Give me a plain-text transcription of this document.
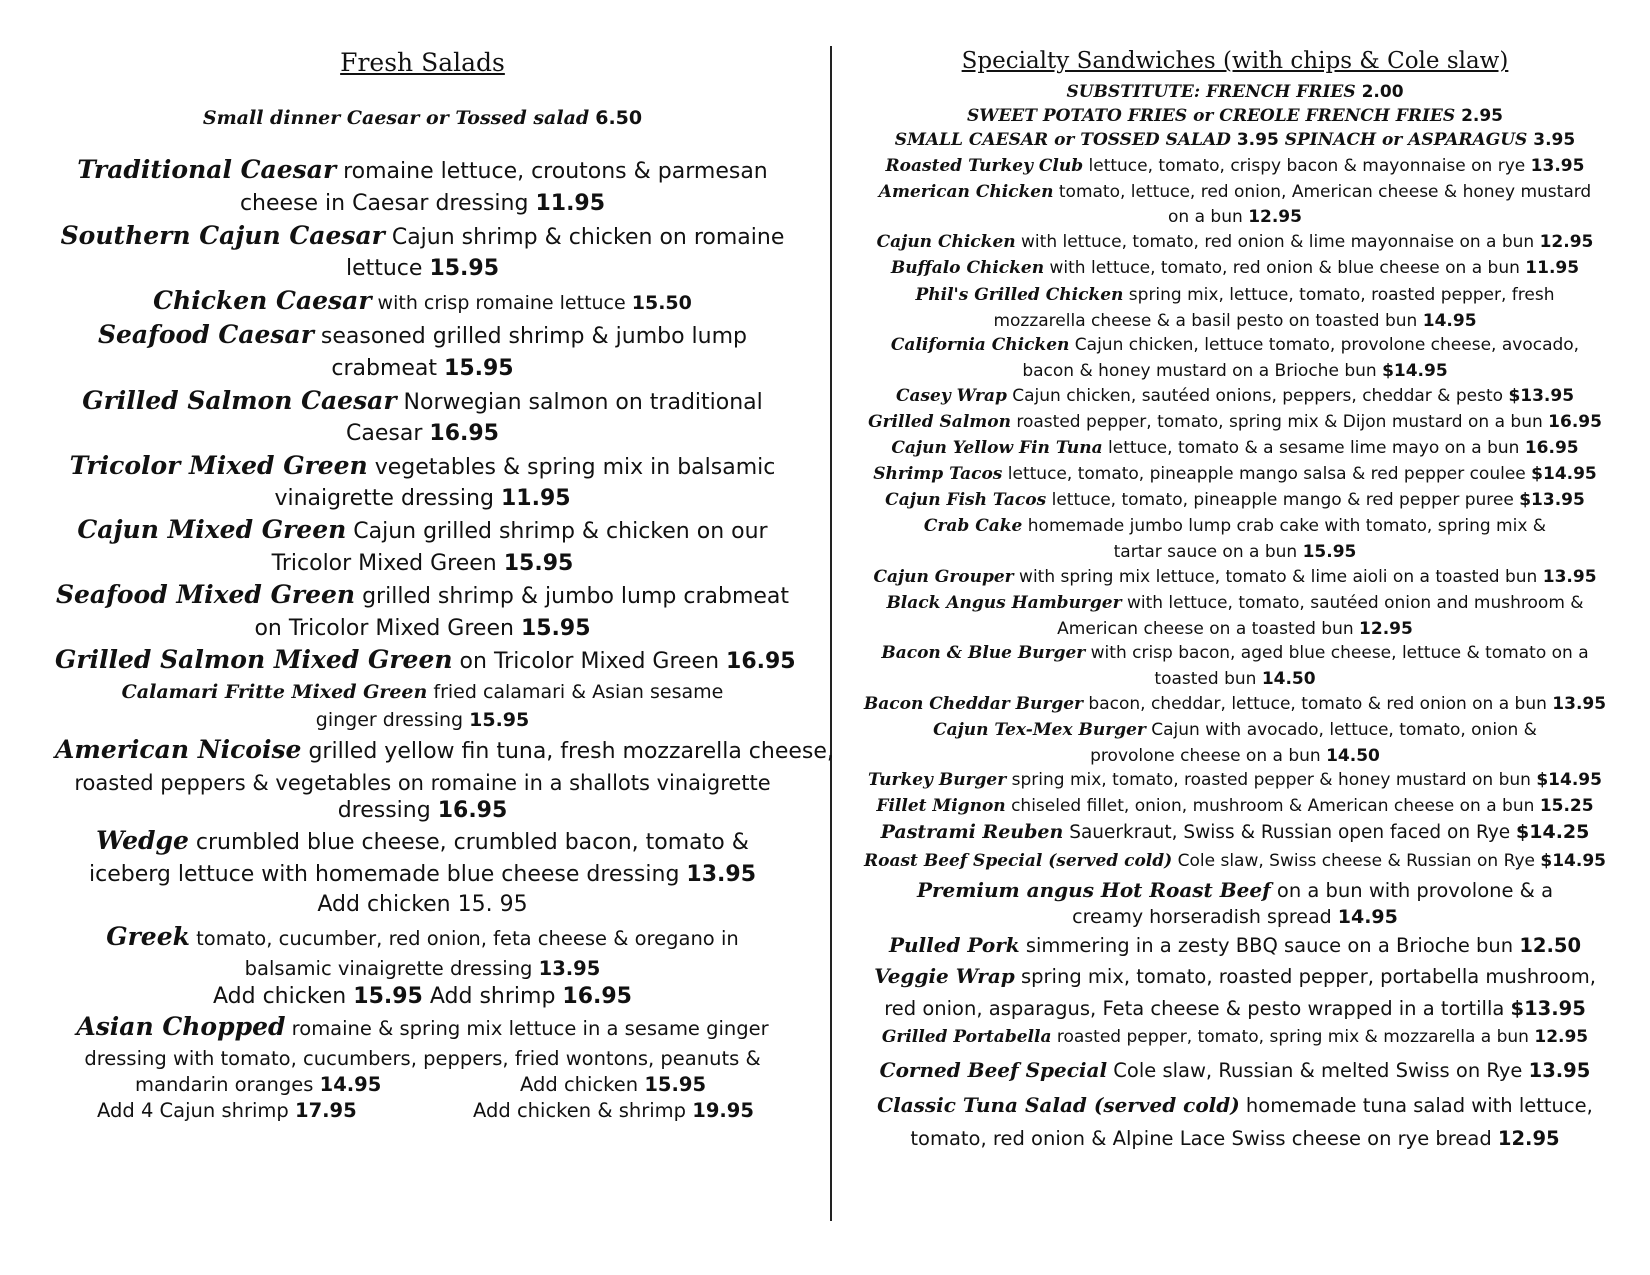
Fresh Salads
Small dinner Caesar or Tossed salad 6.50
Traditional Caesar romaine lettuce, croutons & parmesan
cheese in Caesar dressing 11.95
Southern Cajun Caesar Cajun shrimp & chicken on romaine
lettuce 15.95
Chicken Caesar with crisp romaine lettuce 15.50
Seafood Caesar seasoned grilled shrimp & jumbo lump
crabmeat 15.95
Grilled Salmon Caesar Norwegian salmon on traditional
Caesar 16.95
Tricolor Mixed Green vegetables & spring mix in balsamic
vinaigrette dressing 11.95
Cajun Mixed Green Cajun grilled shrimp & chicken on our
Tricolor Mixed Green 15.95
Seafood Mixed Green grilled shrimp & jumbo lump crabmeat
on Tricolor Mixed Green 15.95
Grilled Salmon Mixed Green on Tricolor Mixed Green 16.95
Calamari Fritte Mixed Green fried calamari & Asian sesame
ginger dressing 15.95
American Nicoise grilled yellow fin tuna, fresh mozzarella cheese,
roasted peppers & vegetables on romaine in a shallots vinaigrette
dressing 16.95
Wedge crumbled blue cheese, crumbled bacon, tomato &
iceberg lettuce with homemade blue cheese dressing 13.95
Add chicken 15. 95
Greek tomato, cucumber, red onion, feta cheese & oregano in
balsamic vinaigrette dressing 13.95
Add chicken 15.95 Add shrimp 16.95
Asian Chopped romaine & spring mix lettuce in a sesame ginger
dressing with tomato, cucumbers, peppers, fried wontons, peanuts &
mandarin oranges 14.95	Add chicken 15.95
Add 4 Cajun shrimp 17.95	Add chicken & shrimp 19.95
Specialty Sandwiches (with chips & Cole slaw)
SUBSTITUTE: FRENCH FRIES 2.00
SWEET POTATO FRIES or CREOLE FRENCH FRIES 2.95
SMALL CAESAR or TOSSED SALAD 3.95 SPINACH or ASPARAGUS 3.95
Roasted Turkey Club lettuce, tomato, crispy bacon & mayonnaise on rye 13.95
American Chicken tomato, lettuce, red onion, American cheese & honey mustard
on a bun 12.95
Cajun Chicken with lettuce, tomato, red onion & lime mayonnaise on a bun 12.95
Buffalo Chicken with lettuce, tomato, red onion & blue cheese on a bun 11.95
Phil's Grilled Chicken spring mix, lettuce, tomato, roasted pepper, fresh
mozzarella cheese & a basil pesto on toasted bun 14.95
California Chicken Cajun chicken, lettuce tomato, provolone cheese, avocado,
bacon & honey mustard on a Brioche bun $14.95
Casey Wrap Cajun chicken, sautéed onions, peppers, cheddar & pesto $13.95
Grilled Salmon roasted pepper, tomato, spring mix & Dijon mustard on a bun 16.95
Cajun Yellow Fin Tuna lettuce, tomato & a sesame lime mayo on a bun 16.95
Shrimp Tacos lettuce, tomato, pineapple mango salsa & red pepper coulee $14.95
Cajun Fish Tacos lettuce, tomato, pineapple mango & red pepper puree $13.95
Crab Cake homemade jumbo lump crab cake with tomato, spring mix &
tartar sauce on a bun 15.95
Cajun Grouper with spring mix lettuce, tomato & lime aioli on a toasted bun 13.95
Black Angus Hamburger with lettuce, tomato, sautéed onion and mushroom &
American cheese on a toasted bun 12.95
Bacon & Blue Burger with crisp bacon, aged blue cheese, lettuce & tomato on a
toasted bun 14.50
Bacon Cheddar Burger bacon, cheddar, lettuce, tomato & red onion on a bun 13.95
Cajun Tex-Mex Burger Cajun with avocado, lettuce, tomato, onion &
provolone cheese on a bun 14.50
Turkey Burger spring mix, tomato, roasted pepper & honey mustard on bun $14.95
Fillet Mignon chiseled fillet, onion, mushroom & American cheese on a bun 15.25
Pastrami Reuben Sauerkraut, Swiss & Russian open faced on Rye $14.25
Roast Beef Special (served cold) Cole slaw, Swiss cheese & Russian on Rye $14.95
Premium angus Hot Roast Beef on a bun with provolone & a
creamy horseradish spread 14.95
Pulled Pork simmering in a zesty BBQ sauce on a Brioche bun 12.50
Veggie Wrap spring mix, tomato, roasted pepper, portabella mushroom,
red onion, asparagus, Feta cheese & pesto wrapped in a tortilla $13.95
Grilled Portabella roasted pepper, tomato, spring mix & mozzarella a bun 12.95
Corned Beef Special Cole slaw, Russian & melted Swiss on Rye 13.95
Classic Tuna Salad (served cold) homemade tuna salad with lettuce,
tomato, red onion & Alpine Lace Swiss cheese on rye bread 12.95
